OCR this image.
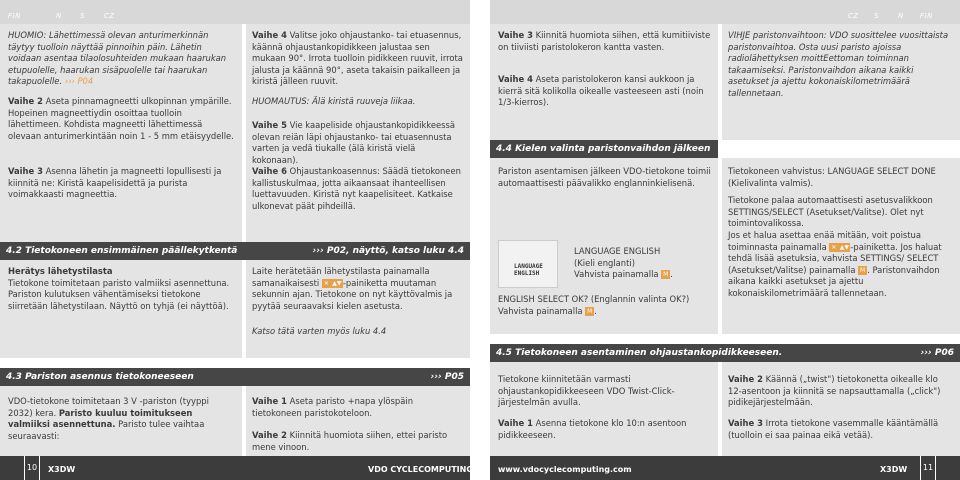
FIN	N	S	CZ	CZ S	N FIN
HUOMIO: Lähettimessä olevan anturimerkinnän täytyy tuolloin näyttää pinnoihin päin. Lähetin voidaan asentaa tilaolosuhteiden mukaan haarukan etupuolelle, haarukan sisäpuolelle tai haarukan takapuolelle. ››› P04
Vaihe 2 Aseta pinnamagneetti ulkopinnan ympärille. Hopeinen magneettiydin osoittaa tuolloin lähettimeen. Kohdista magneetti lähettimessä olevaan anturimerkintään noin 1 - 5 mm etäisyydelle.
Vaihe 3 Asenna lähetin ja magneetti lopullisesti ja kiinnitä ne: Kiristä kaapelisidettä ja purista voimakkaasti magneettia.
Vaihe 4 Valitse joko ohjaustanko- tai etuasennus, käännä ohjaustankopidikkeen jalustaa sen mukaan 90°. Irrota tuolloin pidikkeen ruuvit, irrota jalusta ja käännä 90°, aseta takaisin paikalleen ja kiristä jälleen ruuvit.
HUOMAUTUS: Älä kiristä ruuveja liikaa.
Vaihe 5 Vie kaapeliside ohjaustankopidikkeessä olevan reiän läpi ohjaustanko- tai etuasennusta varten ja vedä tiukalle (älä kiristä vielä kokonaan).
Vaihe 6 Ohjaustankoasennus: Säädä tietokoneen kallistuskulmaa, jotta aikaansaat ihanteellisen luettavuuden. Kiristä nyt kaapelisiteet. Katkaise ulkonevat päät pihdeillä.
4.2 Tietokoneen ensimmäinen päällekytkentä	››› P02, näyttö, katso luku 4.4
Herätys lähetystilasta
Tietokone toimitetaan paristo valmiiksi asennettuna. Pariston kulutuksen vähentämiseksi tietokone siirretään lähetystilaan. Näyttö on tyhjä (ei näyttöä).
Laite herätetään lähetystilasta painamalla samanaikaisesti ✕ ▲▼-painiketta muutaman sekunnin ajan. Tietokone on nyt käyttövalmis ja pyytää seuraavaksi kielen asetusta.
Katso tätä varten myös luku 4.4
4.3 Pariston asennus tietokoneeseen	››› P05
VDO-tietokone toimitetaan 3 V -pariston (tyyppi 2032) kera. Paristo kuuluu toimitukseen valmiiksi asennettuna. Paristo tulee vaihtaa seuraavasti:
Vaihe 1 Aseta paristo +napa ylöspäin tietokoneen paristokoteloon.
Vaihe 2 Kiinnitä huomiota siihen, ettei paristo mene vinoon.
Vaihe 3 Kiinnitä huomiota siihen, että kumitiiviste on tiiviisti paristolokeron kantta vasten.
Vaihe 4 Aseta paristolokeron kansi aukkoon ja kierrä sitä kolikolla oikealle vasteeseen asti (noin 1/3-kierros).
VIHJE paristonvaihtoon: VDO suosittelee vuosittaista paristonvaihtoa. Osta uusi paristo ajoissa radiolähettyksen moittEettoman toiminnan takaamiseksi. Paristonvaihdon aikana kaikki asetukset ja ajettu kokonaiskilometrimäärä tallennetaan.
4.4 Kielen valinta paristonvaihdon jälkeen
Pariston asentamisen jälkeen VDO-tietokone toimii automaattisesti päävalikko englanninkielisenä.
LANGUAGE
ENGLISH
LANGUAGE ENGLISH
(Kieli englanti)
Vahvista painamalla M .
ENGLISH SELECT OK? (Englannin valinta OK?)
Vahvista painamalla M .
Tietokoneen vahvistus: LANGUAGE SELECT DONE (Kielivalinta valmis).
Tietokone palaa automaattisesti asetusvalikkoon SETTINGS/SELECT (Asetukset/Valitse). Olet nyt toimintovalikossa.
Jos et halua asettaa enää mitään, voit poistua toiminnasta painamalla ✕ ▲▼-painiketta. Jos haluat tehdä lisää asetuksia, vahvista SETTINGS/ SELECT (Asetukset/Valitse) painamalla M . Paristonvaihdon aikana kaikki asetukset ja ajettu kokonaiskilometrimäärä tallennetaan.
4.5 Tietokoneen asentaminen ohjaustankopidikkeeseen.	››› P06
Tietokone kiinnitetään varmasti ohjaustankopidikkeeseen VDO Twist-Click-järjestelmän avulla.
Vaihe 1 Asenna tietokone klo 10:n asentoon pidikkeeseen.
Vaihe 2 Käännä („twist") tietokonetta oikealle klo 12-asentoon ja kiinnitä se napsauttamalla („click") pidikejärjestelmään.
Vaihe 3 Irrota tietokone vasemmalle kääntämällä (tuolloin ei saa painaa eikä vetää).
10	X3DW	VDO CYCLECOMPUTING	www.vdocyclecomputing.com	X3DW	11
